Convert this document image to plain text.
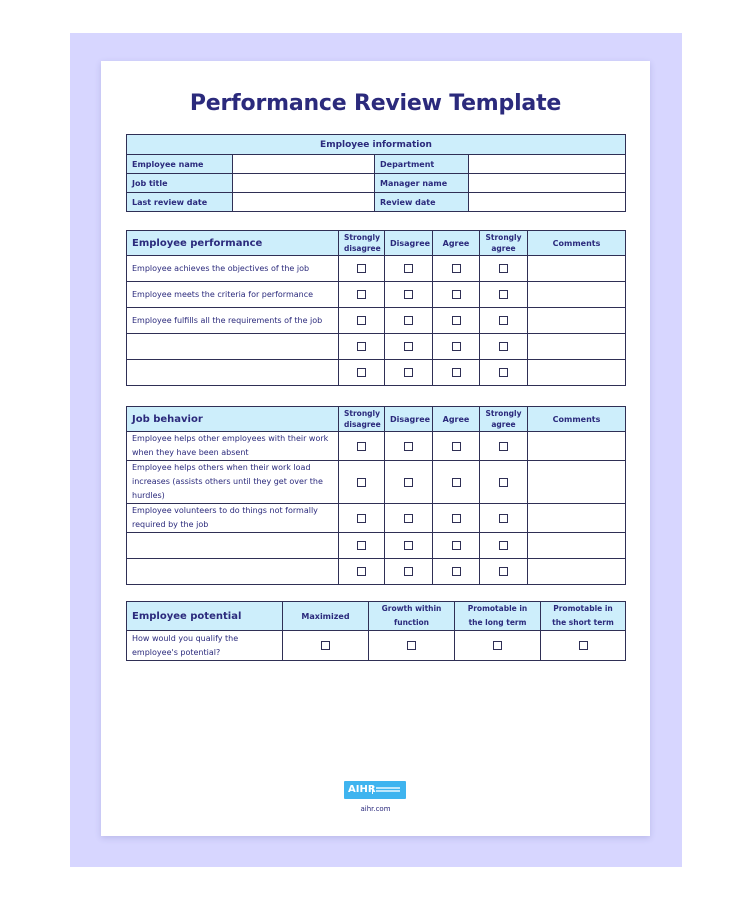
Performance Review Template
Employee information			
Employee name		Department	
Job title		Manager name	
Last review date		Review date	
Employee performance	Strongly disagree	Disagree	Agree	Strongly agree	Comments
Employee achieves the objectives of the job					
Employee meets the criteria for performance					
Employee fulfills all the requirements of the job					

Job behavior	Strongly disagree	Disagree	Agree	Strongly agree	Comments
Employee helps other employees with their work when they have been absent					
Employee helps others when their work load increases (assists others until they get over the hurdles)					
Employee volunteers to do things not formally required by the job					

Employee potential	Maximized	Growth within function	Promotable in the long term	Promotable in the short term
How would you qualify the employee's potential?				
AIHR
aihr.com
